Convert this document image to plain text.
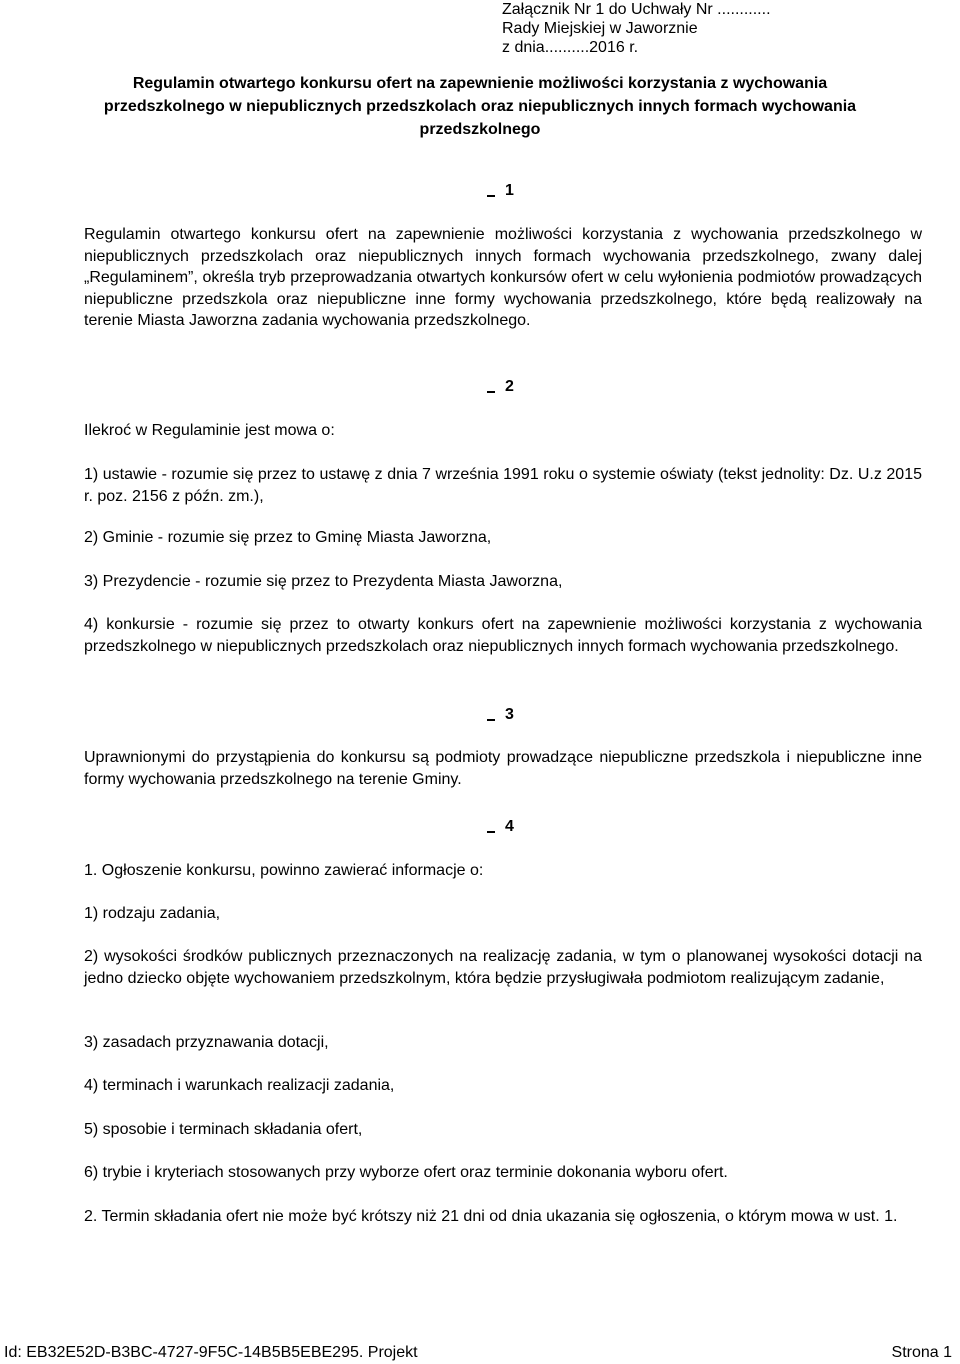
Załącznik Nr 1 do Uchwały Nr ............
Rady Miejskiej w Jaworznie
z dnia..........2016 r.
Regulamin otwartego konkursu ofert na zapewnienie możliwości korzystania z wychowania przedszkolnego w niepublicznych przedszkolach oraz niepublicznych innych formach wychowania przedszkolnego
1
Regulamin otwartego konkursu ofert na zapewnienie możliwości korzystania z wychowania przedszkolnego w niepublicznych przedszkolach oraz niepublicznych innych formach wychowania przedszkolnego, zwany dalej „Regulaminem”, określa tryb przeprowadzania otwartych konkursów ofert w celu wyłonienia podmiotów prowadzących niepubliczne przedszkola oraz niepubliczne inne formy wychowania przedszkolnego, które będą realizowały na terenie Miasta Jaworzna zadania wychowania przedszkolnego.
2
Ilekroć w Regulaminie jest mowa o:
1) ustawie - rozumie się przez to ustawę z dnia 7 września 1991 roku o systemie oświaty (tekst jednolity: Dz. U.z 2015 r. poz. 2156 z późn. zm.),
2) Gminie - rozumie się przez to Gminę Miasta Jaworzna,
3) Prezydencie - rozumie się przez to Prezydenta Miasta Jaworzna,
4) konkursie - rozumie się przez to otwarty konkurs ofert na zapewnienie możliwości korzystania z wychowania przedszkolnego w niepublicznych przedszkolach oraz niepublicznych innych formach wychowania przedszkolnego.
3
Uprawnionymi do przystąpienia do konkursu są podmioty prowadzące niepubliczne przedszkola i niepubliczne inne formy wychowania przedszkolnego na terenie Gminy.
4
1. Ogłoszenie konkursu, powinno zawierać informacje o:
1) rodzaju zadania,
2) wysokości środków publicznych przeznaczonych na realizację zadania, w tym o planowanej wysokości dotacji na jedno dziecko objęte wychowaniem przedszkolnym, która będzie przysługiwała podmiotom realizującym zadanie,
3) zasadach przyznawania dotacji,
4) terminach i warunkach realizacji zadania,
5) sposobie i terminach składania ofert,
6) trybie i kryteriach stosowanych przy wyborze ofert oraz terminie dokonania wyboru ofert.
2. Termin składania ofert nie może być krótszy niż 21 dni od dnia ukazania się ogłoszenia, o którym mowa w ust. 1.
Id: EB32E52D-B3BC-4727-9F5C-14B5B5EBE295. Projekt	Strona 1
